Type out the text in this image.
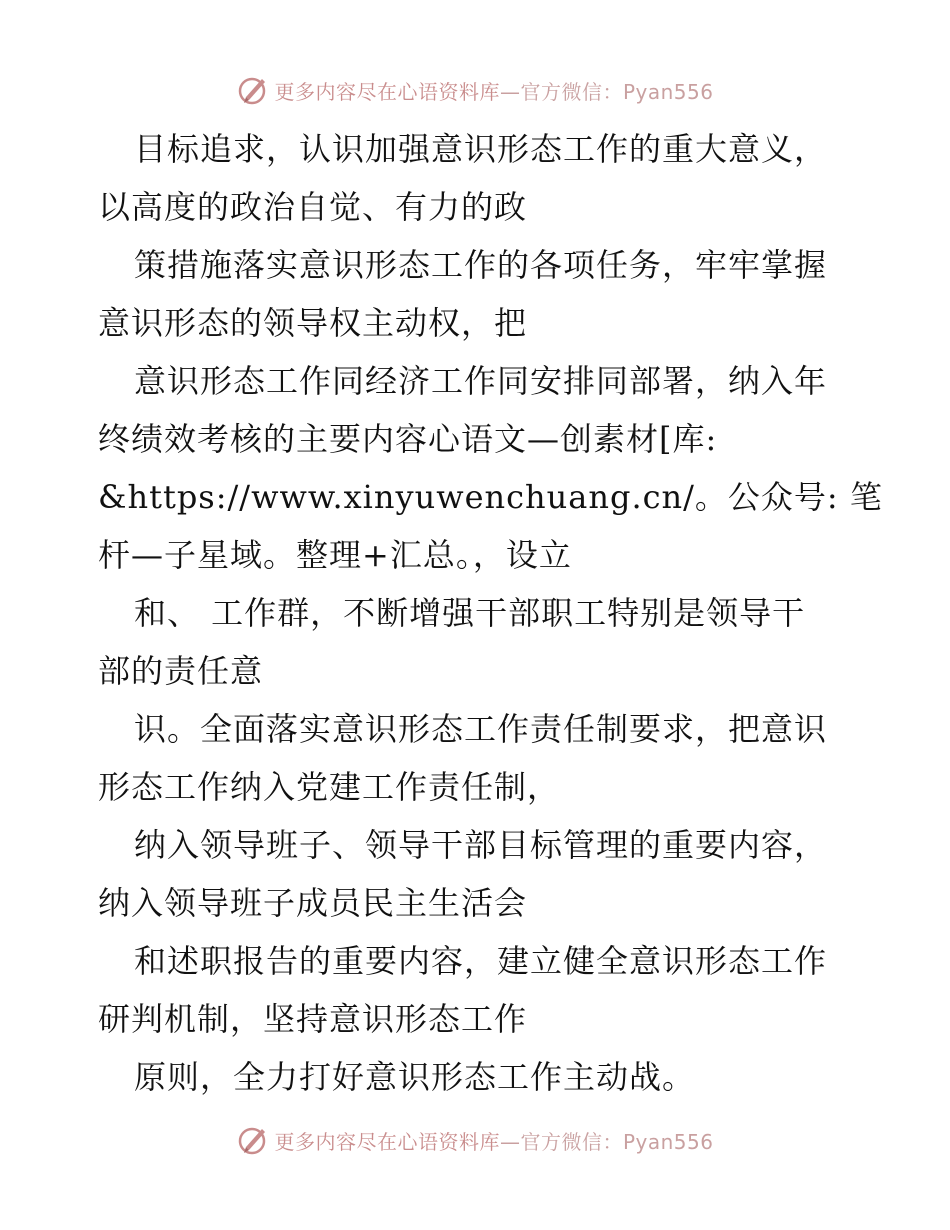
更多内容尽在心语资料库—官方微信：Pyan556
目标追求，认识加强意识形态工作的重大意义，
以高度的政治自觉、有力的政
策措施落实意识形态工作的各项任务，牢牢掌握
意识形态的领导权主动权，把
意识形态工作同经济工作同安排同部署，纳入年
终绩效考核的主要内容心语文—创素材[库:
&https://www.xinyuwenchuang.cn/。公众号: 笔
杆—子星域。整理+汇总。，设立
和、 工作群，不断增强干部职工特别是领导干
部的责任意
识。全面落实意识形态工作责任制要求，把意识
形态工作纳入党建工作责任制，
纳入领导班子、领导干部目标管理的重要内容，
纳入领导班子成员民主生活会
和述职报告的重要内容，建立健全意识形态工作
研判机制，坚持意识形态工作
原则，全力打好意识形态工作主动战。
更多内容尽在心语资料库—官方微信：Pyan556
